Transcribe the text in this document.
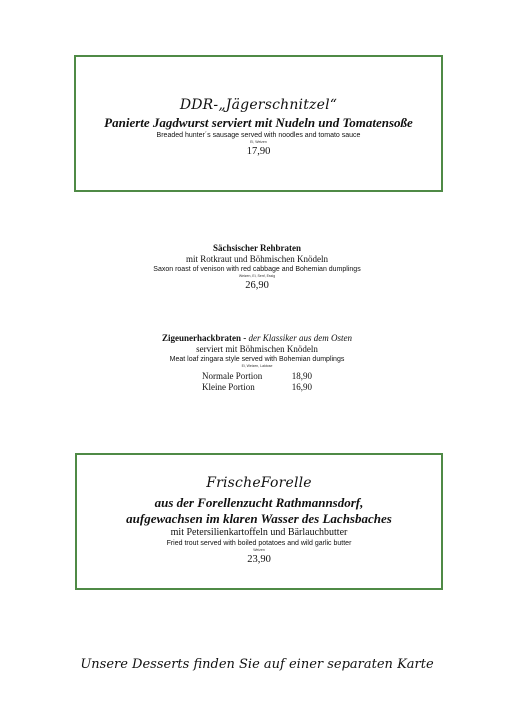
DDR-„Jägerschnitzel“
Panierte Jagdwurst serviert mit Nudeln und Tomatensoße
Breaded hunter´s sausage served with noodles and tomato sauce
Ei, Weizen
17,90
Sächsischer Rehbraten
mit Rotkraut und Böhmischen Knödeln
Saxon roast of venison with red cabbage and Bohemian dumplings
Weizen, Ei, Senf, Essig
26,90
Zigeunerhackbraten - der Klassiker aus dem Osten
serviert mit Böhmischen Knödeln
Meat loaf zingara style served with Bohemian dumplings
Ei, Weizen, Laktose
Normale Portion	18,90
Kleine Portion	16,90
FrischeForelle
aus der Forellenzucht Rathmannsdorf,
aufgewachsen im klaren Wasser des Lachsbaches
mit Petersilienkartoffeln und Bärlauchbutter
Fried trout served with boiled potatoes and wild garlic butter
Weizen
23,90
Unsere Desserts finden Sie auf einer separaten Karte
